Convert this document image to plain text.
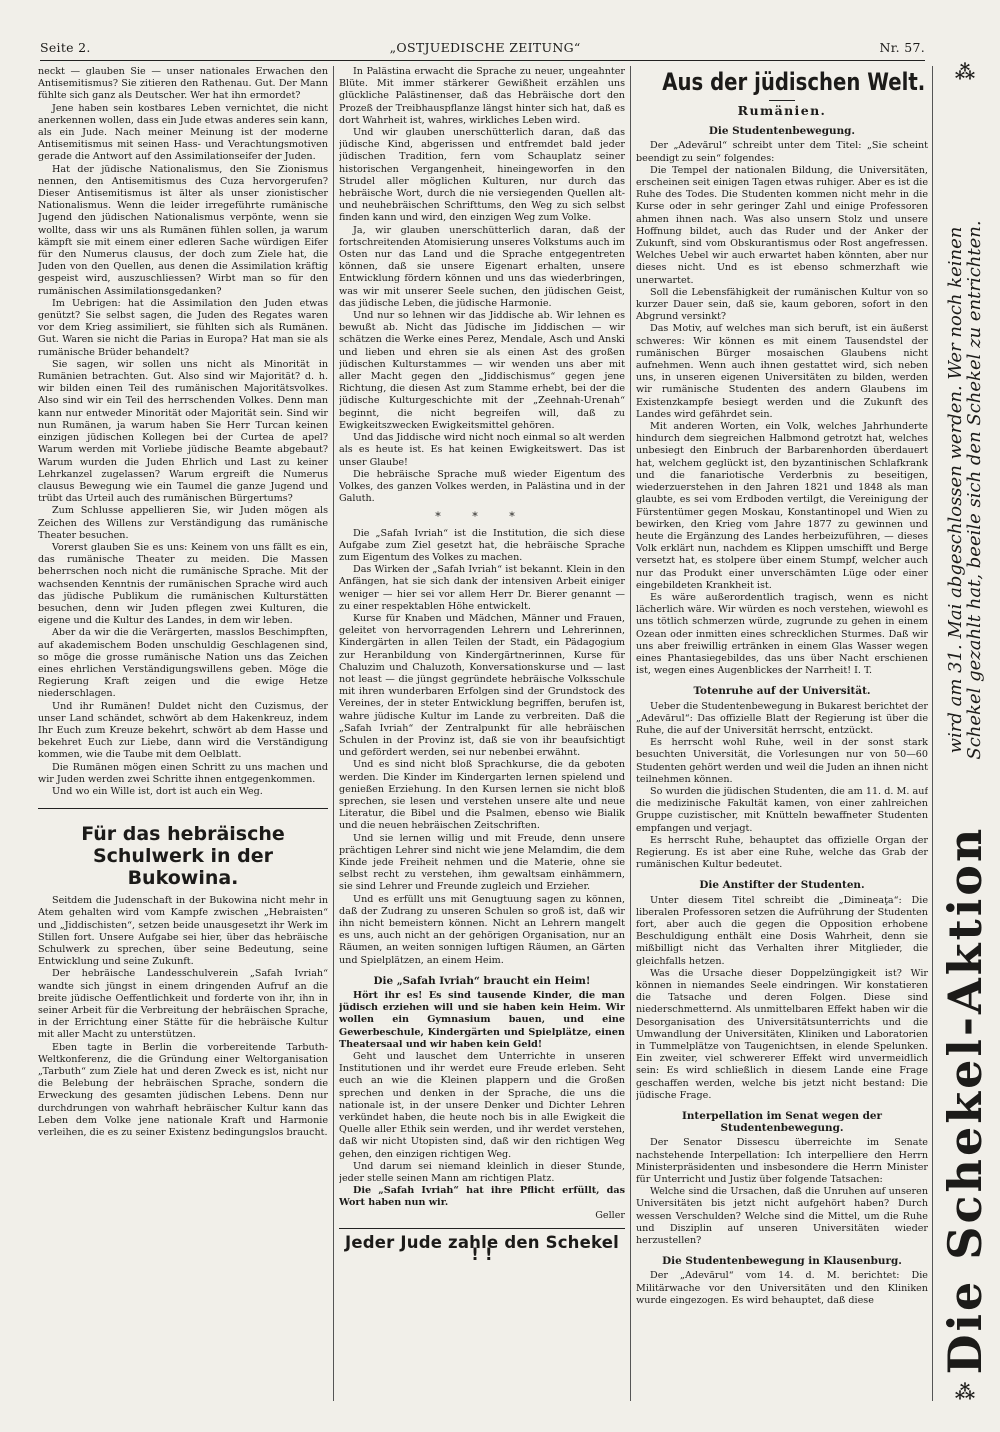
Seite 2.	„OSTJUEDISCHE ZEITUNG“	Nr. 57.

neckt — glauben Sie — unser nationales Erwachen den Antisemitismus? Sie zitieren den Rathenau. Gut. Der Mann fühlte sich ganz als Deutscher. Wer hat ihn ermordet?

Jene haben sein kostbares Leben vernichtet, die nicht anerkennen wollen, dass ein Jude etwas anderes sein kann, als ein Jude. Nach meiner Meinung ist der moderne Antisemitismus mit seinen Hass- und Verachtungsmotiven gerade die Antwort auf den Assimilationseifer der Juden.

Hat der jüdische Nationalismus, den Sie Zionismus nennen, den Antisemitismus des Cuza hervorgerufen? Dieser Antisemitismus ist älter als unser zionistischer Nationalismus. Wenn die leider irregeführte rumänische Jugend den jüdischen Nationalismus verpönte, wenn sie wollte, dass wir uns als Rumänen fühlen sollen, ja warum kämpft sie mit einem einer edleren Sache würdigen Eifer für den Numerus clausus, der doch zum Ziele hat, die Juden von den Quellen, aus denen die Assimilation kräftig gespeist wird, auszuschliessen? Wirbt man so für den rumänischen Assimilationsgedanken?

Im Uebrigen: hat die Assimilation den Juden etwas genützt? Sie selbst sagen, die Juden des Regates waren vor dem Krieg assimiliert, sie fühlten sich als Rumänen. Gut. Waren sie nicht die Parias in Europa? Hat man sie als rumänische Brüder behandelt?

Sie sagen, wir sollen uns nicht als Minorität in Rumänien betrachten. Gut. Also sind wir Majorität? d. h. wir bilden einen Teil des rumänischen Majoritätsvolkes. Also sind wir ein Teil des herrschenden Volkes. Denn man kann nur entweder Minorität oder Majorität sein. Sind wir nun Rumänen, ja warum haben Sie Herr Turcan keinen einzigen jüdischen Kollegen bei der Curtea de apel? Warum werden mit Vorliebe jüdische Beamte abgebaut? Warum wurden die Juden Ehrlich und Last zu keiner Lehrkanzel zugelassen? Warum ergreift die Numerus clausus Bewegung wie ein Taumel die ganze Jugend und trübt das Urteil auch des rumänischen Bürgertums?

Zum Schlusse appellieren Sie, wir Juden mögen als Zeichen des Willens zur Verständigung das rumänische Theater besuchen.

Vorerst glauben Sie es uns: Keinem von uns fällt es ein, das rumänische Theater zu meiden. Die Massen beherrschen noch nicht die rumänische Sprache. Mit der wachsenden Kenntnis der rumänischen Sprache wird auch das jüdische Publikum die rumänischen Kulturstätten besuchen, denn wir Juden pflegen zwei Kulturen, die eigene und die Kultur des Landes, in dem wir leben.

Aber da wir die die Verärgerten, masslos Beschimpften, auf akademischem Boden unschuldig Geschlagenen sind, so möge die grosse rumänische Nation uns das Zeichen eines ehrlichen Verständigungswillens geben. Möge die Regierung Kraft zeigen und die ewige Hetze niederschlagen.

Und ihr Rumänen! Duldet nicht den Cuzismus, der unser Land schändet, schwört ab dem Hakenkreuz, indem Ihr Euch zum Kreuze bekehrt, schwört ab dem Hasse und bekehret Euch zur Liebe, dann wird die Verständigung kommen, wie die Taube mit dem Oelblatt.

Die Rumänen mögen einen Schritt zu uns machen und wir Juden werden zwei Schritte ihnen entgegenkommen.

Und wo ein Wille ist, dort ist auch ein Weg.

Für das hebräische Schulwerk in der Bukowina.

Seitdem die Judenschaft in der Bukowina nicht mehr in Atem gehalten wird vom Kampfe zwischen „Hebraisten“ und „Jiddischisten“, setzen beide unausgesetzt ihr Werk im Stillen fort. Unsere Aufgabe sei hier, über das hebräische Schulwerk zu sprechen, über seine Bedeutung, seine Entwicklung und seine Zukunft.

Der hebräische Landesschulverein „Safah Ivriah“ wandte sich jüngst in einem dringenden Aufruf an die breite jüdische Oeffentlichkeit und forderte von ihr, ihn in seiner Arbeit für die Verbreitung der hebräischen Sprache, in der Errichtung einer Stätte für die hebräische Kultur mit aller Macht zu unterstützen.

Eben tagte in Berlin die vorbereitende Tarbuth-Weltkonferenz, die die Gründung einer Weltorganisation „Tarbuth“ zum Ziele hat und deren Zweck es ist, nicht nur die Belebung der hebräischen Sprache, sondern die Erweckung des gesamten jüdischen Lebens. Denn nur durchdrungen von wahrhaft hebräischer Kultur kann das Leben dem Volke jene nationale Kraft und Harmonie verleihen, die es zu seiner Existenz bedingungslos braucht.

In Palästina erwacht die Sprache zu neuer, ungeahnter Blüte. Mit immer stärkerer Gewißheit erzählen uns glückliche Palästinenser, daß das Hebräische dort den Prozeß der Treibhauspflanze längst hinter sich hat, daß es dort Wahrheit ist, wahres, wirkliches Leben wird.

Und wir glauben unerschütterlich daran, daß das jüdische Kind, abgerissen und entfremdet bald jeder jüdischen Tradition, fern vom Schauplatz seiner historischen Vergangenheit, hineingeworfen in den Strudel aller möglichen Kulturen, nur durch das hebräische Wort, durch die nie versiegenden Quellen alt- und neuhebräischen Schrifttums, den Weg zu sich selbst finden kann und wird, den einzigen Weg zum Volke.

Ja, wir glauben unerschütterlich daran, daß der fortschreitenden Atomisierung unseres Volkstums auch im Osten nur das Land und die Sprache entgegentreten können, daß sie unsere Eigenart erhalten, unsere Entwicklung fördern können und uns das wiederbringen, was wir mit unserer Seele suchen, den jüdischen Geist, das jüdische Leben, die jüdische Harmonie.

Und nur so lehnen wir das Jiddische ab. Wir lehnen es bewußt ab. Nicht das Jüdische im Jiddischen — wir schätzen die Werke eines Perez, Mendale, Asch und Anski und lieben und ehren sie als einen Ast des großen jüdischen Kulturstammes — wir wenden uns aber mit aller Macht gegen den „Jiddischismus“ gegen jene Richtung, die diesen Ast zum Stamme erhebt, bei der die jüdische Kulturgeschichte mit der „Zeehnah-Urenah“ beginnt, die nicht begreifen will, daß zu Ewigkeitszwecken Ewigkeitsmittel gehören.

Und das Jiddische wird nicht noch einmal so alt werden als es heute ist. Es hat keinen Ewigkeitswert. Das ist unser Glaube!

Die hebräische Sprache muß wieder Eigentum des Volkes, des ganzen Volkes werden, in Palästina und in der Galuth.

* * *

Die „Safah Ivriah“ ist die Institution, die sich diese Aufgabe zum Ziel gesetzt hat, die hebräische Sprache zum Eigentum des Volkes zu machen.

Das Wirken der „Safah Ivriah“ ist bekannt. Klein in den Anfängen, hat sie sich dank der intensiven Arbeit einiger weniger — hier sei vor allem Herr Dr. Bierer genannt — zu einer respektablen Höhe entwickelt.

Kurse für Knaben und Mädchen, Männer und Frauen, geleitet von hervorragenden Lehrern und Lehrerinnen, Kindergärten in allen Teilen der Stadt, ein Pädagogium zur Heranbildung von Kindergärtnerinnen, Kurse für Chaluzim und Chaluzoth, Konversationskurse und — last not least — die jüngst gegründete hebräische Volksschule mit ihren wunderbaren Erfolgen sind der Grundstock des Vereines, der in steter Entwicklung begriffen, berufen ist, wahre jüdische Kultur im Lande zu verbreiten. Daß die „Safah Ivriah“ der Zentralpunkt für alle hebräischen Schulen in der Provinz ist, daß sie von ihr beaufsichtigt und gefördert werden, sei nur nebenbei erwähnt.

Und es sind nicht bloß Sprachkurse, die da geboten werden. Die Kinder im Kindergarten lernen spielend und genießen Erziehung. In den Kursen lernen sie nicht bloß sprechen, sie lesen und verstehen unsere alte und neue Literatur, die Bibel und die Psalmen, ebenso wie Bialik und die neuen hebräischen Zeitschriften.

Und sie lernen willig und mit Freude, denn unsere prächtigen Lehrer sind nicht wie jene Melamdim, die dem Kinde jede Freiheit nehmen und die Materie, ohne sie selbst recht zu verstehen, ihm gewaltsam einhämmern, sie sind Lehrer und Freunde zugleich und Erzieher.

Und es erfüllt uns mit Genugtuung sagen zu können, daß der Zudrang zu unseren Schulen so groß ist, daß wir ihn nicht bemeistern können. Nicht an Lehrern mangelt es uns, auch nicht an der gehörigen Organisation, nur an Räumen, an weiten sonnigen luftigen Räumen, an Gärten und Spielplätzen, an einem Heim.

Die „Safah Ivriah“ braucht ein Heim!

Hört ihr es! Es sind tausende Kinder, die man jüdisch erziehen will und sie haben kein Heim. Wir wollen ein Gymnasium bauen, und eine Gewerbeschule, Kindergärten und Spielplätze, einen Theatersaal und wir haben kein Geld!

Geht und lauschet dem Unterrichte in unseren Institutionen und ihr werdet eure Freude erleben. Seht euch an wie die Kleinen plappern und die Großen sprechen und denken in der Sprache, die uns die nationale ist, in der unsere Denker und Dichter Lehren verkündet haben, die heute noch bis in alle Ewigkeit die Quelle aller Ethik sein werden, und ihr werdet verstehen, daß wir nicht Utopisten sind, daß wir den richtigen Weg gehen, den einzigen richtigen Weg.

Und darum sei niemand kleinlich in dieser Stunde, jeder stelle seinen Mann am richtigen Platz.

Die „Safah Ivriah“ hat ihre Pflicht erfüllt, das Wort haben nun wir.

Geller
Jeder Jude zahle den Schekel ! !
Aus der jüdischen Welt.
Rumänien.
Die Studentenbewegung.

Der „Adevărul“ schreibt unter dem Titel: „Sie scheint beendigt zu sein“ folgendes:

Die Tempel der nationalen Bildung, die Universitäten, erscheinen seit einigen Tagen etwas ruhiger. Aber es ist die Ruhe des Todes. Die Studenten kommen nicht mehr in die Kurse oder in sehr geringer Zahl und einige Professoren ahmen ihnen nach. Was also unsern Stolz und unsere Hoffnung bildet, auch das Ruder und der Anker der Zukunft, sind vom Obskurantismus oder Rost angefressen. Welches Uebel wir auch erwartet haben könnten, aber nur dieses nicht. Und es ist ebenso schmerzhaft wie unerwartet.

Soll die Lebensfähigkeit der rumänischen Kultur von so kurzer Dauer sein, daß sie, kaum geboren, sofort in den Abgrund versinkt?

Das Motiv, auf welches man sich beruft, ist ein äußerst schweres: Wir können es mit einem Tausendstel der rumänischen Bürger mosaischen Glaubens nicht aufnehmen. Wenn auch ihnen gestattet wird, sich neben uns, in unseren eigenen Universitäten zu bilden, werden wir rumänische Studenten des andern Glaubens im Existenzkampfe besiegt werden und die Zukunft des Landes wird gefährdet sein.

Mit anderen Worten, ein Volk, welches Jahrhunderte hindurch dem siegreichen Halbmond getrotzt hat, welches unbesiegt den Einbruch der Barbarenhorden überdauert hat, welchem geglückt ist, den byzantinischen Schlafkrank und die fanariotische Verderbnis zu beseitigen, wiederzuerstehen in den Jahren 1821 und 1848 als man glaubte, es sei vom Erdboden vertilgt, die Vereinigung der Fürstentümer gegen Moskau, Konstantinopel und Wien zu bewirken, den Krieg vom Jahre 1877 zu gewinnen und heute die Ergänzung des Landes herbeizuführen, — dieses Volk erklärt nun, nachdem es Klippen umschifft und Berge versetzt hat, es stolpere über einem Stumpf, welcher auch nur das Produkt einer unverschämten Lüge oder einer eingebildeten Krankheit ist.

Es wäre außerordentlich tragisch, wenn es nicht lächerlich wäre. Wir würden es noch verstehen, wiewohl es uns tötlich schmerzen würde, zugrunde zu gehen in einem Ozean oder inmitten eines schrecklichen Sturmes. Daß wir uns aber freiwillig ertränken in einem Glas Wasser wegen eines Phantasiegebildes, das uns über Nacht erschienen ist, wegen eines Augenblickes der Narrheit! I. T.

Totenruhe auf der Universität.

Ueber die Studentenbewegung in Bukarest berichtet der „Adevărul“: Das offizielle Blatt der Regierung ist über die Ruhe, die auf der Universität herrscht, entzückt.

Es herrscht wohl Ruhe, weil in der sonst stark besuchten Universität, die Vorlesungen nur von 50—60 Studenten gehört werden und weil die Juden an ihnen nicht teilnehmen können.

So wurden die jüdischen Studenten, die am 11. d. M. auf die medizinische Fakultät kamen, von einer zahlreichen Gruppe cuzistischer, mit Knütteln bewaffneter Studenten empfangen und verjagt.

Es herrscht Ruhe, behauptet das offizielle Organ der Regierung. Es ist aber eine Ruhe, welche das Grab der rumänischen Kultur bedeutet.

Die Anstifter der Studenten.

Unter diesem Titel schreibt die „Dimineaţa“: Die liberalen Professoren setzen die Aufrührung der Studenten fort, aber auch die gegen die Opposition erhobene Beschuldigung enthält eine Dosis Wahrheit, denn sie mißbilligt nicht das Verhalten ihrer Mitglieder, die gleichfalls hetzen.

Was die Ursache dieser Doppelzüngigkeit ist? Wir können in niemandes Seele eindringen. Wir konstatieren die Tatsache und deren Folgen. Diese sind niederschmetternd. Als unmittelbaren Effekt haben wir die Desorganisation des Universitätsunterrichts und die Umwandlung der Universitäten, Kliniken und Laboratorien in Tummelplätze von Taugenichtsen, in elende Spelunken. Ein zweiter, viel schwererer Effekt wird unvermeidlich sein: Es wird schließlich in diesem Lande eine Frage geschaffen werden, welche bis jetzt nicht bestand: Die jüdische Frage.

Interpellation im Senat wegen der Studentenbewegung.

Der Senator Dissescu überreichte im Senate nachstehende Interpellation: Ich interpelliere den Herrn Ministerpräsidenten und insbesondere die Herrn Minister für Unterricht und Justiz über folgende Tatsachen:

Welche sind die Ursachen, daß die Unruhen auf unseren Universitäten bis jetzt nicht aufgehört haben? Durch wessen Verschulden? Welche sind die Mittel, um die Ruhe und Disziplin auf unseren Universitäten wieder herzustellen?

Die Studentenbewegung in Klausenburg.

Der „Adevărul“ vom 14. d. M. berichtet: Die Militärwache vor den Universitäten und den Kliniken wurde eingezogen. Es wird behauptet, daß diese

⁂
wird am 31. Mai abgeschlossen werden. Wer noch keinen
Schekel gezahlt hat, beeile sich den Schekel zu entrichten.
Die Schekel-Aktion
⁂
